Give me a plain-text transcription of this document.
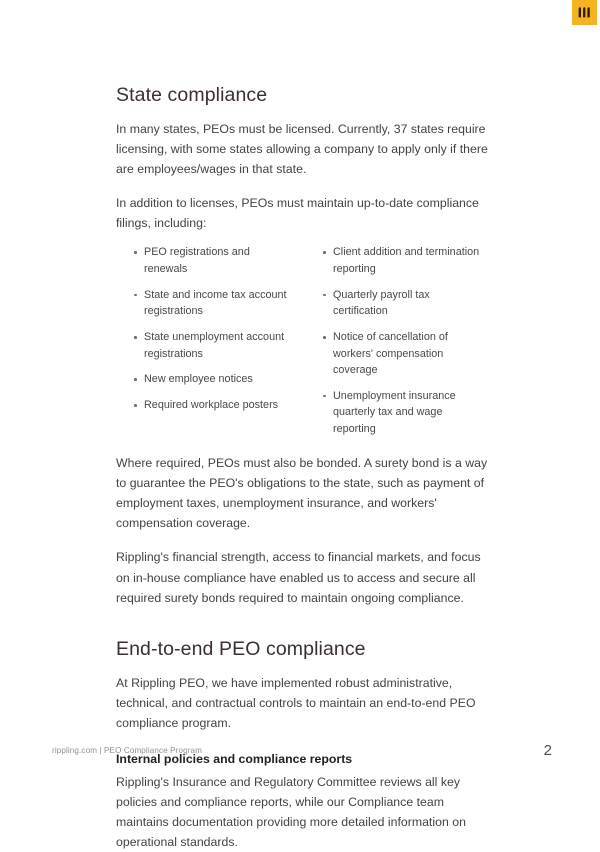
State compliance

In many states, PEOs must be licensed. Currently, 37 states require licensing, with some states allowing a company to apply only if there are employees/wages in that state.

In addition to licenses, PEOs must maintain up-to-date compliance filings, including:

PEO registrations and renewals
State and income tax account registrations
State unemployment account registrations
New employee notices
Required workplace posters
Client addition and termination reporting
Quarterly payroll tax certification
Notice of cancellation of workers' compensation coverage
Unemployment insurance quarterly tax and wage reporting

Where required, PEOs must also be bonded. A surety bond is a way to guarantee the PEO's obligations to the state, such as payment of employment taxes, unemployment insurance, and workers' compensation coverage.

Rippling's financial strength, access to financial markets, and focus on in-house compliance have enabled us to access and secure all required surety bonds required to maintain ongoing compliance.

End-to-end PEO compliance

At Rippling PEO, we have implemented robust administrative, technical, and contractual controls to maintain an end-to-end PEO compliance program.

Internal policies and compliance reports

Rippling's Insurance and Regulatory Committee reviews all key policies and compliance reports, while our Compliance team maintains documentation providing more detailed information on operational standards.

rippling.com | PEO Compliance Program	2
